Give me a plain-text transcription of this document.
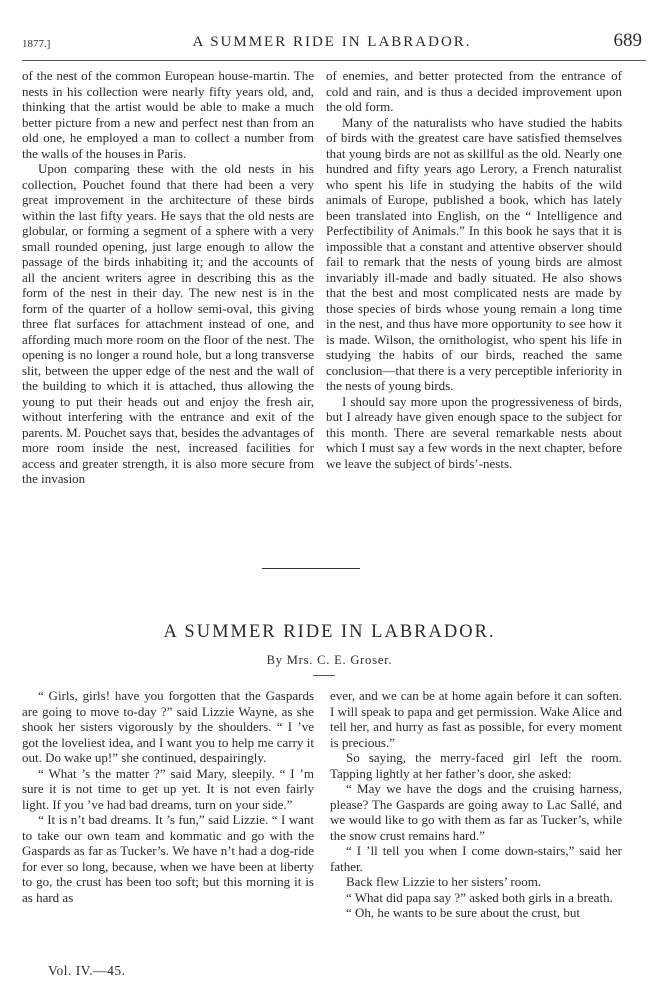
1877.]	A SUMMER RIDE IN LABRADOR.	689

of the nest of the common European house-martin. The nests in his collection were nearly fifty years old, and, thinking that the artist would be able to make a much better picture from a new and perfect nest than from an old one, he employed a man to collect a number from the walls of the houses in Paris.

Upon comparing these with the old nests in his collection, Pouchet found that there had been a very great improvement in the architecture of these birds within the last fifty years. He says that the old nests are globular, or forming a segment of a sphere with a very small rounded opening, just large enough to allow the passage of the birds inhabiting it; and the accounts of all the ancient writers agree in describing this as the form of the nest in their day. The new nest is in the form of the quarter of a hollow semi-oval, this giving three flat surfaces for attachment instead of one, and affording much more room on the floor of the nest. The opening is no longer a round hole, but a long transverse slit, between the upper edge of the nest and the wall of the building to which it is attached, thus allowing the young to put their heads out and enjoy the fresh air, without interfering with the entrance and exit of the parents. M. Pouchet says that, besides the advantages of more room inside the nest, increased facilities for access and greater strength, it is also more secure from the invasion

of enemies, and better protected from the entrance of cold and rain, and is thus a decided improvement upon the old form.

Many of the naturalists who have studied the habits of birds with the greatest care have satisfied themselves that young birds are not as skillful as the old. Nearly one hundred and fifty years ago Lerory, a French naturalist who spent his life in studying the habits of the wild animals of Europe, published a book, which has lately been translated into English, on the “ Intelligence and Perfectibility of Animals.” In this book he says that it is impossible that a constant and attentive observer should fail to remark that the nests of young birds are almost invariably ill-made and badly situated. He also shows that the best and most complicated nests are made by those species of birds whose young remain a long time in the nest, and thus have more opportunity to see how it is made. Wilson, the ornithologist, who spent his life in studying the habits of our birds, reached the same conclusion—that there is a very perceptible inferiority in the nests of young birds.

I should say more upon the progressiveness of birds, but I already have given enough space to the subject for this month. There are several remarkable nests about which I must say a few words in the next chapter, before we leave the subject of birds’-nests.

A SUMMER RIDE IN LABRADOR.
By Mrs. C. E. Groser.

“ Girls, girls! have you forgotten that the Gaspards are going to move to-day ?” said Lizzie Wayne, as she shook her sisters vigorously by the shoulders. “ I ’ve got the loveliest idea, and I want you to help me carry it out. Do wake up!” she continued, despairingly.

“ What ’s the matter ?” said Mary, sleepily. “ I ’m sure it is not time to get up yet. It is not even fairly light. If you ’ve had bad dreams, turn on your side.”

“ It is n’t bad dreams. It ’s fun,” said Lizzie. “ I want to take our own team and kommatic and go with the Gaspards as far as Tucker’s. We have n’t had a dog-ride for ever so long, because, when we have been at liberty to go, the crust has been too soft; but this morning it is as hard as

ever, and we can be at home again before it can soften. I will speak to papa and get permission. Wake Alice and tell her, and hurry as fast as possible, for every moment is precious.”

So saying, the merry-faced girl left the room. Tapping lightly at her father’s door, she asked:

“ May we have the dogs and the cruising harness, please? The Gaspards are going away to Lac Sallé, and we would like to go with them as far as Tucker’s, while the snow crust remains hard.”

“ I ’ll tell you when I come down-stairs,” said her father.

Back flew Lizzie to her sisters’ room.

“ What did papa say ?” asked both girls in a breath.

“ Oh, he wants to be sure about the crust, but

Vol. IV.—45.
